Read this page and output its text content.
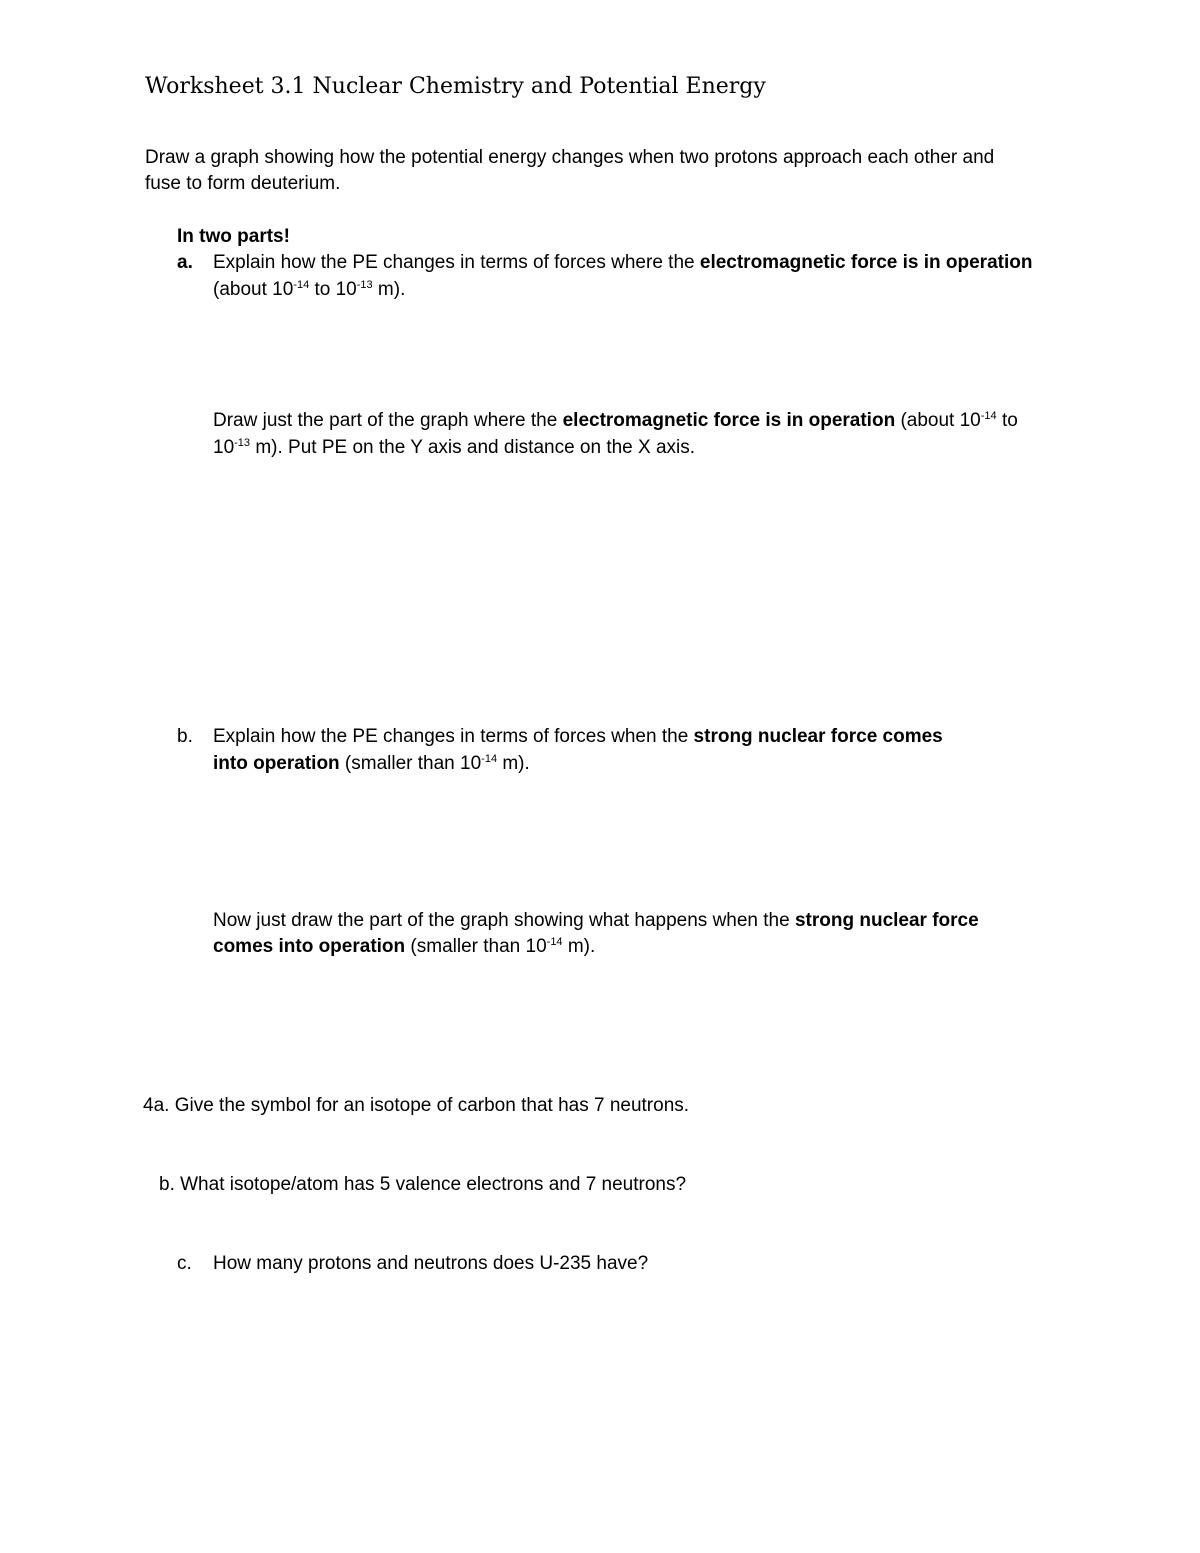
Worksheet 3.1 Nuclear Chemistry and Potential Energy
Draw a graph showing how the potential energy changes when two protons approach each other and
fuse to form deuterium.
In two parts!
a. Explain how the PE changes in terms of forces where the electromagnetic force is in operation
(about $10^{-14}$ to $10^{-13}$ m).
Draw just the part of the graph where the electromagnetic force is in operation (about $10^{-14}$ to
$10^{-13}$ m). Put PE on the Y axis and distance on the X axis.
b. Explain how the PE changes in terms of forces when the strong nuclear force comes
into operation (smaller than $10^{-14}$ m).
Now just draw the part of the graph showing what happens when the strong nuclear force
comes into operation (smaller than $10^{-14}$ m).
4a. Give the symbol for an isotope of carbon that has 7 neutrons.
b. What isotope/atom has 5 valence electrons and 7 neutrons?
c. How many protons and neutrons does U-235 have?
